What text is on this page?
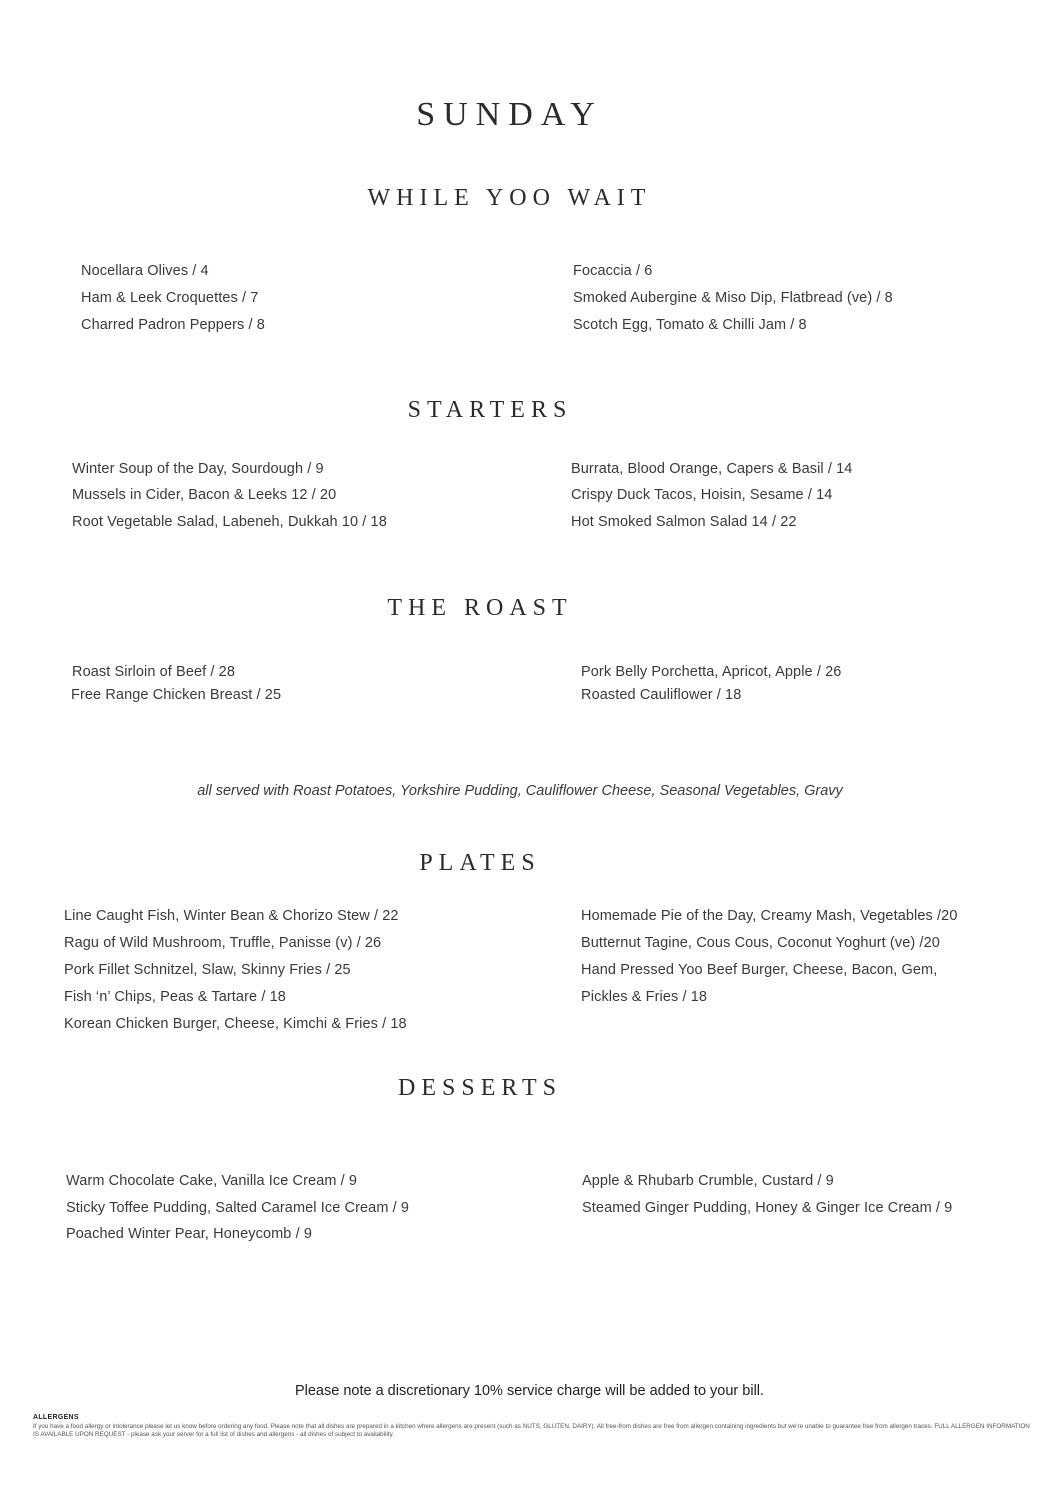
SUNDAY
WHILE YOO WAIT
Nocellara Olives / 4
Ham & Leek Croquettes / 7
Charred Padron Peppers / 8
Focaccia / 6
Smoked Aubergine & Miso Dip, Flatbread (ve) / 8
Scotch Egg, Tomato & Chilli Jam / 8
STARTERS
Winter Soup of the Day, Sourdough / 9
Mussels in Cider, Bacon & Leeks 12 / 20
Root Vegetable Salad, Labeneh, Dukkah 10 / 18
Burrata, Blood Orange, Capers & Basil / 14
Crispy Duck Tacos, Hoisin, Sesame / 14
Hot Smoked Salmon Salad 14 / 22
THE ROAST
Roast Sirloin of Beef / 28
Free Range Chicken Breast / 25
Pork Belly Porchetta, Apricot, Apple / 26
Roasted Cauliflower / 18
all served with Roast Potatoes, Yorkshire Pudding, Cauliflower Cheese, Seasonal Vegetables, Gravy
PLATES
Line Caught Fish, Winter Bean & Chorizo Stew / 22
Ragu of Wild Mushroom, Truffle, Panisse (v) / 26
Pork Fillet Schnitzel, Slaw, Skinny Fries / 25
Fish ‘n’ Chips, Peas & Tartare / 18
Korean Chicken Burger, Cheese, Kimchi & Fries / 18
Homemade Pie of the Day, Creamy Mash, Vegetables /20
Butternut Tagine, Cous Cous, Coconut Yoghurt (ve) /20
Hand Pressed Yoo Beef Burger, Cheese, Bacon, Gem,
Pickles & Fries / 18
DESSERTS
Warm Chocolate Cake, Vanilla Ice Cream / 9
Sticky Toffee Pudding, Salted Caramel Ice Cream / 9
Poached Winter Pear, Honeycomb / 9
Apple & Rhubarb Crumble, Custard / 9
Steamed Ginger Pudding, Honey & Ginger Ice Cream / 9
Please note a discretionary 10% service charge will be added to your bill.
ALLERGENS
If you have a food allergy or intolerance please let us know before ordering any food. Please note that all dishes are prepared in a kitchen where allergens are present (such as NUTS, GLUTEN, DAIRY). All free-from dishes are free from allergen containing ingredients but we're unable to guarantee free from allergen traces. FULL ALLERGEN INFORMATION IS AVAILABLE UPON REQUEST - please ask your server for a full list of dishes and allergens - all dishes of subject to availability.
